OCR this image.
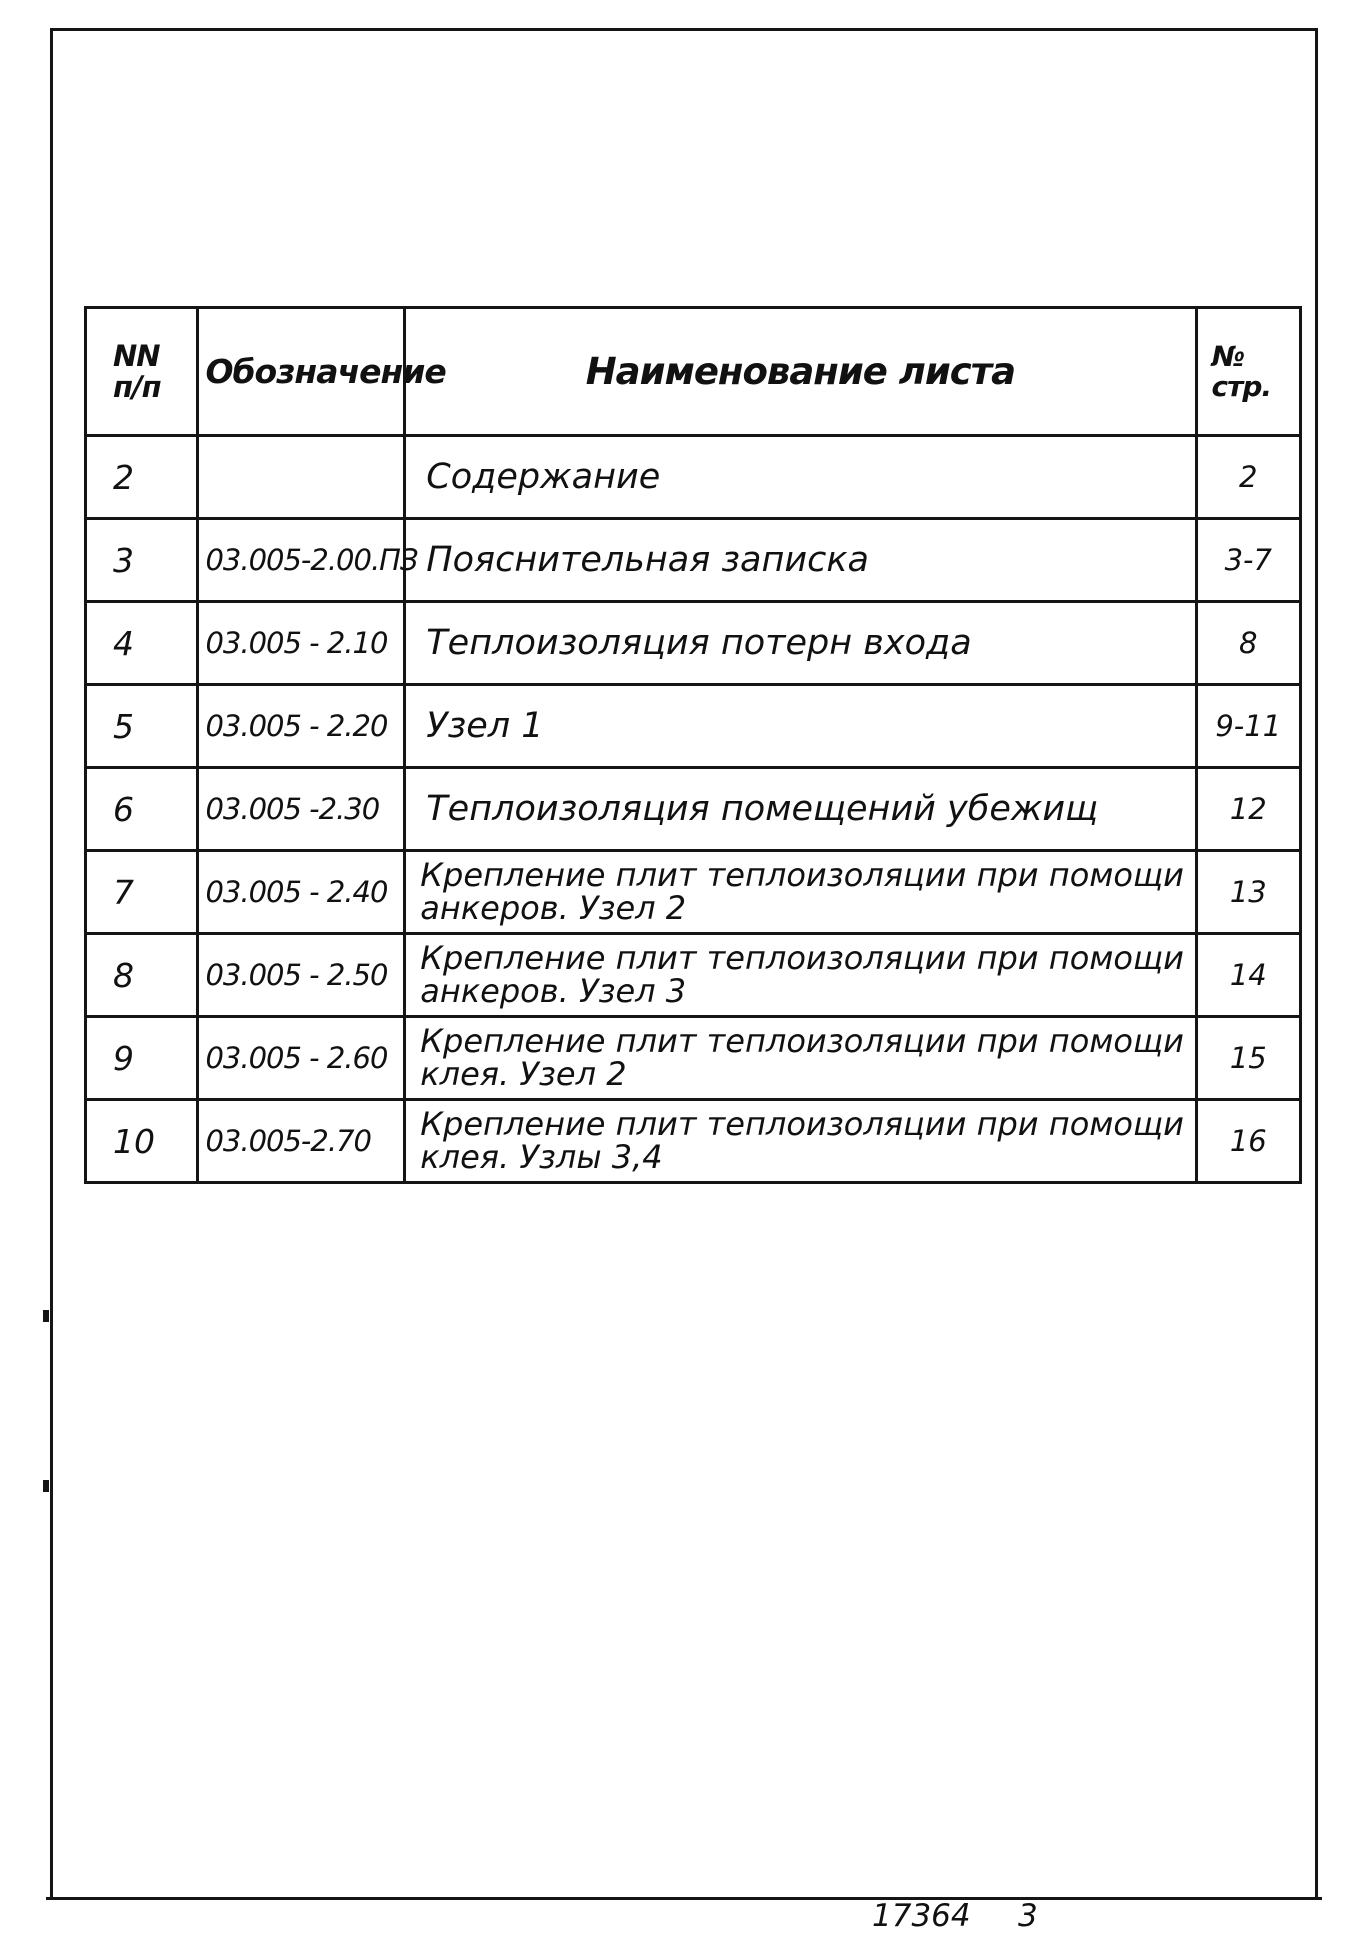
NN п/п	Обозначение	Наименование листа	№ стр.
2		Содержание	2
3	03.005-2.00.ПЗ	Пояснительная записка	3-7
4	03.005 - 2.10	Теплоизоляция потерн входа	8
5	03.005 - 2.20	Узел 1	9-11
6	03.005 -2.30	Теплоизоляция помещений убежищ	12
7	03.005 - 2.40	Крепление плит теплоизоляции при помощи анкеров. Узел 2	13
8	03.005 - 2.50	Крепление плит теплоизоляции при помощи анкеров. Узел 3	14
9	03.005 - 2.60	Крепление плит теплоизоляции при помощи клея. Узел 2	15
10	03.005-2.70	Крепление плит теплоизоляции при помощи клея. Узлы 3,4	16
17364 3
